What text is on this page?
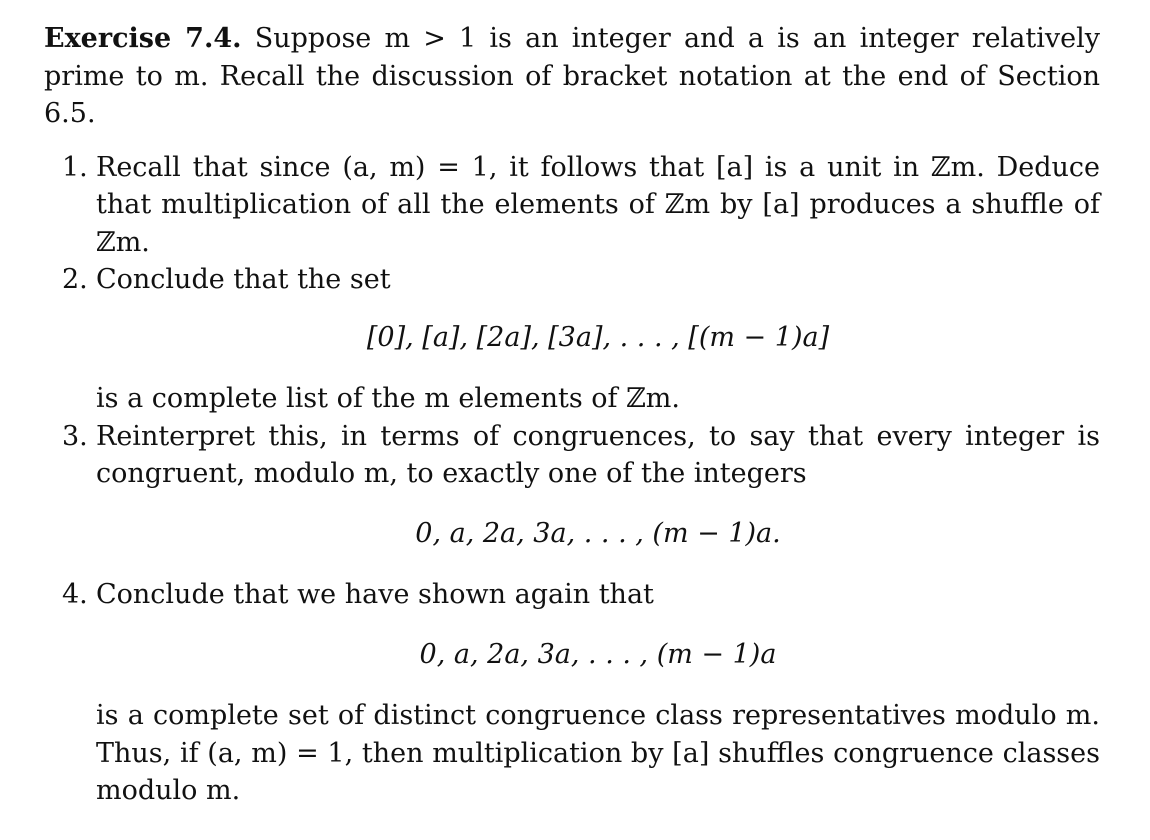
Exercise 7.4. Suppose m > 1 is an integer and a is an integer relatively prime to m. Recall the discussion of bracket notation at the end of Section 6.5.

1. Recall that since (a, m) = 1, it follows that [a] is a unit in ℤm. Deduce that multiplication of all the elements of ℤm by [a] produces a shuffle of ℤm.

2. Conclude that the set

[0], [a], [2a], [3a], . . . , [(m − 1)a]

is a complete list of the m elements of ℤm.

3. Reinterpret this, in terms of congruences, to say that every integer is congruent, modulo m, to exactly one of the integers

0, a, 2a, 3a, . . . , (m − 1)a.
4. Conclude that we have shown again that

0, a, 2a, 3a, . . . , (m − 1)a

is a complete set of distinct congruence class representatives modulo m. Thus, if (a, m) = 1, then multiplication by [a] shuffles congruence classes modulo m.
